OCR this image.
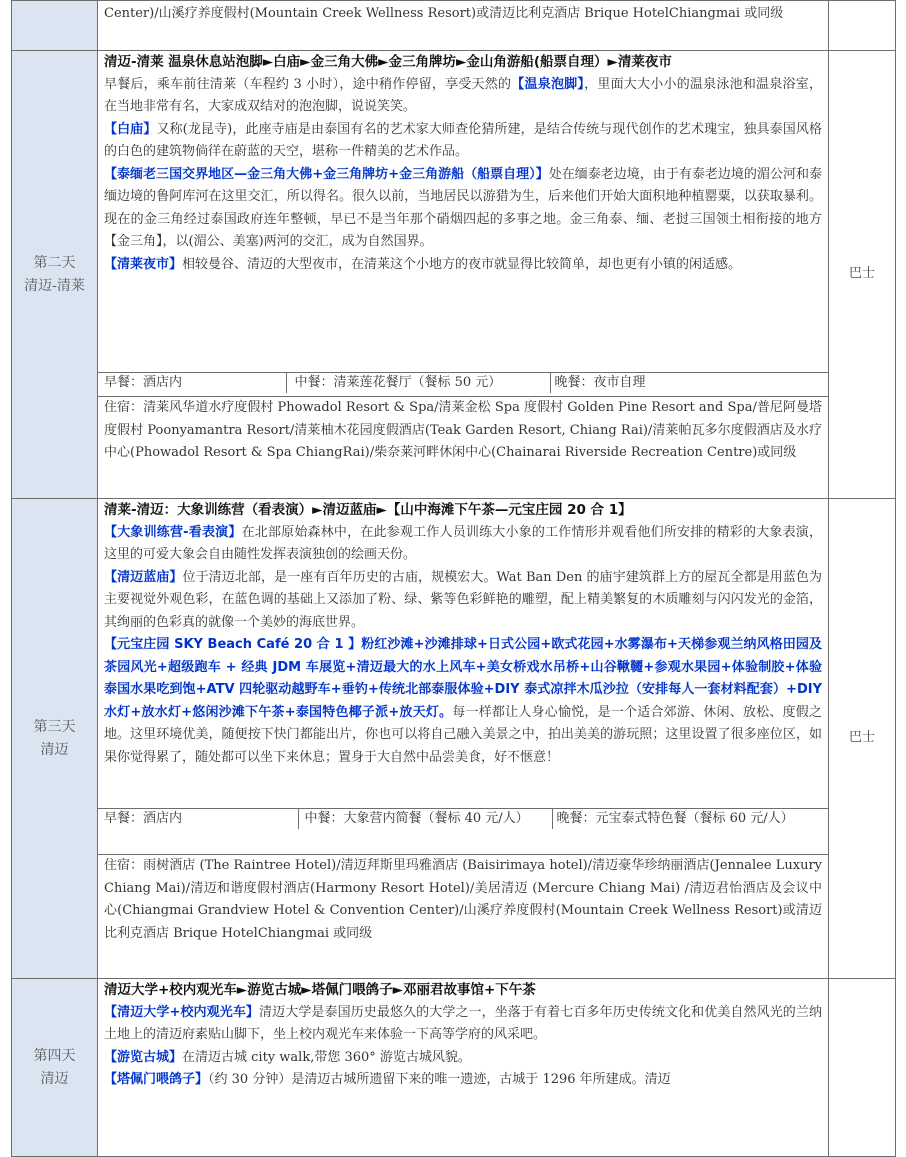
	Center)/山溪疗养度假村(Mountain Creek Wellness Resort)或清迈比利克酒店 Brique HotelChiangmai 或同级	

第二天
清迈-清莱

清迈-清莱 温泉休息站泡脚►白庙►金三角大佛►金三角牌坊►金山角游船(船票自理）►清莱夜市

早餐后，乘车前往清莱（车程约 3 小时），途中稍作停留，享受天然的【温泉泡脚】，里面大大小小的温泉泳池和温泉浴室，在当地非常有名，大家成双结对的泡泡脚，说说笑笑。

【白庙】又称(龙昆寺)，此座寺庙是由泰国有名的艺术家大师查伦猜所建，是结合传统与现代创作的艺术瑰宝，独具泰国风格的白色的建筑物倘徉在蔚蓝的天空，堪称一件精美的艺术作品。

【泰缅老三国交界地区—金三角大佛+金三角牌坊+金三角游船（船票自理）】处在缅泰老边境，由于有泰老边境的湄公河和泰缅边境的鲁阿库河在这里交汇，所以得名。很久以前，当地居民以游猎为生，后来他们开始大面积地种植罂粟，以获取暴利。现在的金三角经过泰国政府连年整顿，早已不是当年那个硝烟四起的多事之地。金三角泰、缅、老挝三国领土相衔接的地方【金三角】，以(湄公、美塞)两河的交汇，成为自然国界。

【清莱夜市】相较曼谷、清迈的大型夜市，在清莱这个小地方的夜市就显得比较简单，却也更有小镇的闲适感。

	巴士

早餐：酒店内	中餐：清莱莲花餐厅（餐标 50 元）	晚餐：夜市自理

住宿：清莱风华道水疗度假村 Phowadol Resort & Spa/清莱金松 Spa 度假村 Golden Pine Resort and Spa/普尼阿曼塔度假村 Poonyamantra Resort/清莱柚木花园度假酒店(Teak Garden Resort, Chiang Rai)/清莱帕瓦多尔度假酒店及水疗中心(Phowadol Resort & Spa ChiangRai)/柴奈莱河畔休闲中心(Chainarai Riverside Recreation Centre)或同级

第三天
清迈

清莱-清迈：大象训练营（看表演）►清迈蓝庙►【山中海滩下午茶—元宝庄园 20 合 1】

【大象训练营-看表演】在北部原始森林中，在此参观工作人员训练大小象的工作情形并观看他们所安排的精彩的大象表演，这里的可爱大象会自由随性发挥表演独创的绘画天份。

【清迈蓝庙】位于清迈北部，是一座有百年历史的古庙，规模宏大。Wat Ban Den 的庙宇建筑群上方的屋瓦全都是用蓝色为主要视觉外观色彩，在蓝色调的基础上又添加了粉、绿、紫等色彩鲜艳的雕塑，配上精美繁复的木质雕刻与闪闪发光的金箔，其绚丽的色彩真的就像一个美妙的海底世界。

【元宝庄园 SKY Beach Café 20 合 1 】粉红沙滩+沙滩排球+日式公园+欧式花园+水雾瀑布+天梯参观兰纳风格田园及茶园风光+超级跑车 + 经典 JDM 车展览+清迈最大的水上风车+美女桥戏水吊桥+山谷鞦韆+参观水果园+体验制胶+体验泰国水果吃到饱+ATV 四轮驱动越野车+垂钓+传统北部泰服体验+DIY 泰式凉拌木瓜沙拉（安排每人一套材料配套）+DIY 水灯+放水灯+悠闲沙滩下午茶+泰国特色椰子派+放天灯。每一样都让人身心愉悦，是一个适合郊游、休闲、放松、度假之地。这里环境优美，随便按下快门都能出片，你也可以将自己融入美景之中，拍出美美的游玩照；这里设置了很多座位区，如果你觉得累了，随处都可以坐下来休息；置身于大自然中品尝美食，好不惬意！

	巴士

早餐：酒店内	中餐：大象营内简餐（餐标 40 元/人）	晚餐：元宝泰式特色餐（餐标 60 元/人）

住宿：雨树酒店 (The Raintree Hotel)/清迈拜斯里玛雅酒店 (Baisirimaya hotel)/清迈豪华珍纳丽酒店(Jennalee Luxury Chiang Mai)/清迈和谐度假村酒店(Harmony Resort Hotel)/美居清迈 (Mercure Chiang Mai) /清迈君怡酒店及会议中心(Chiangmai Grandview Hotel & Convention Center)/山溪疗养度假村(Mountain Creek Wellness Resort)或清迈比利克酒店 Brique HotelChiangmai 或同级

第四天
清迈

清迈大学+校内观光车►游览古城►塔佩门喂鸽子►邓丽君故事馆+下午茶

【清迈大学+校内观光车】清迈大学是泰国历史最悠久的大学之一，坐落于有着七百多年历史传统文化和优美自然风光的兰纳土地上的清迈府素贴山脚下，坐上校内观光车来体验一下高等学府的风采吧。

【游览古城】在清迈古城 city walk,带您 360° 游览古城风貌。

【塔佩门喂鸽子】（约 30 分钟）是清迈古城所遗留下来的唯一遗迹，古城于 1296 年所建成。清迈
